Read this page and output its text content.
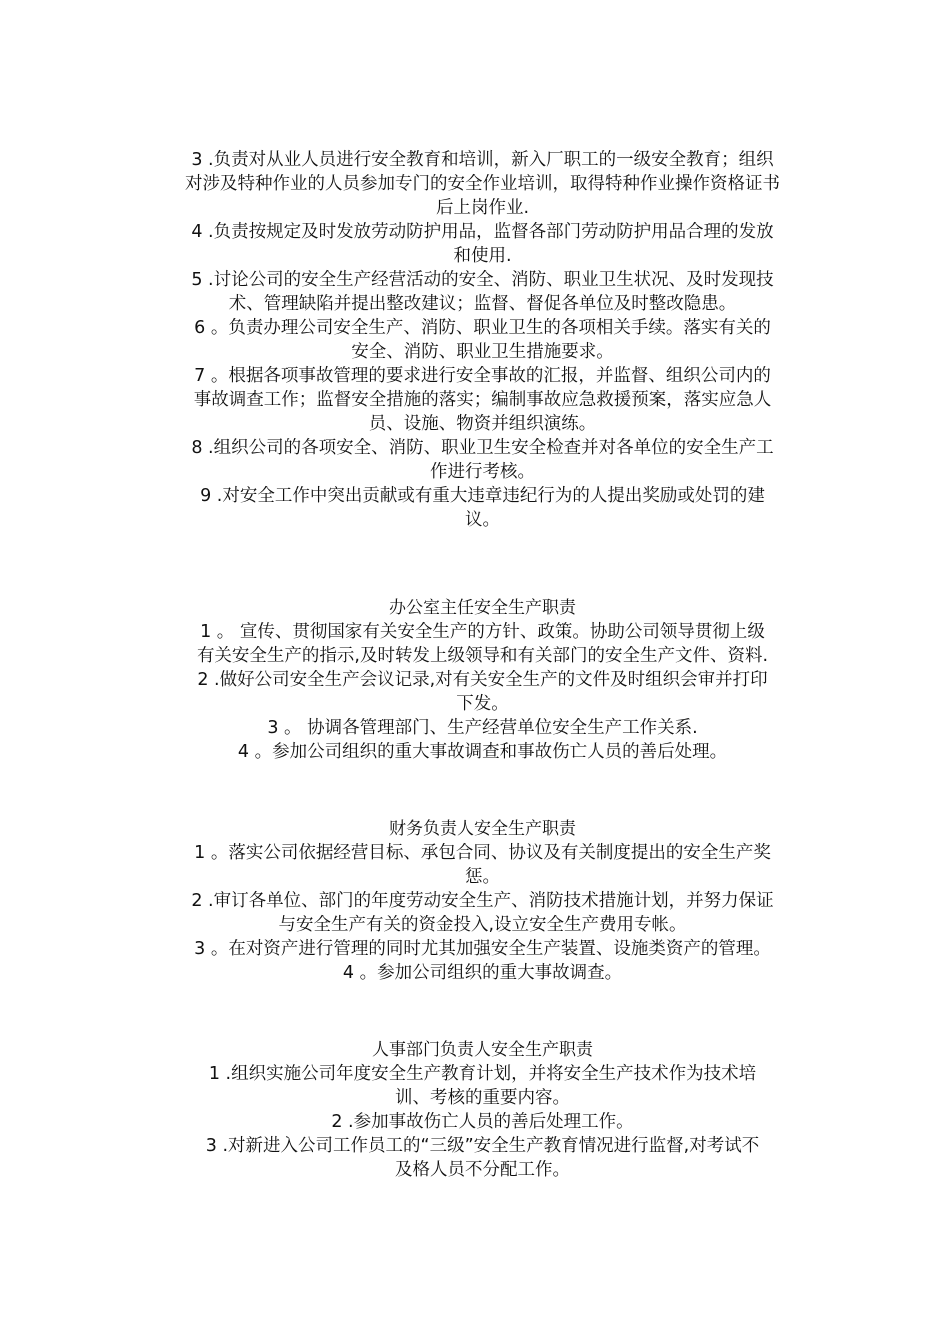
3 .负责对从业人员进行安全教育和培训，新入厂职工的一级安全教育；组织
对涉及特种作业的人员参加专门的安全作业培训，取得特种作业操作资格证书
后上岗作业.

4 .负责按规定及时发放劳动防护用品，监督各部门劳动防护用品合理的发放
和使用.

5 .讨论公司的安全生产经营活动的安全、消防、职业卫生状况、及时发现技
术、管理缺陷并提出整改建议；监督、督促各单位及时整改隐患。

6 。负责办理公司安全生产、消防、职业卫生的各项相关手续。落实有关的
安全、消防、职业卫生措施要求。

7 。根据各项事故管理的要求进行安全事故的汇报，并监督、组织公司内的
事故调查工作；监督安全措施的落实；编制事故应急救援预案，落实应急人
员、设施、物资并组织演练。

8 .组织公司的各项安全、消防、职业卫生安全检查并对各单位的安全生产工
作进行考核。

9 .对安全工作中突出贡献或有重大违章违纪行为的人提出奖励或处罚的建
议。

办公室主任安全生产职责

1 。 宣传、贯彻国家有关安全生产的方针、政策。协助公司领导贯彻上级
有关安全生产的指示,及时转发上级领导和有关部门的安全生产文件、资料.

2 .做好公司安全生产会议记录,对有关安全生产的文件及时组织会审并打印
下发。

3 。 协调各管理部门、生产经营单位安全生产工作关系.

4 。参加公司组织的重大事故调查和事故伤亡人员的善后处理。

财务负责人安全生产职责

1 。落实公司依据经营目标、承包合同、协议及有关制度提出的安全生产奖
惩。

2 .审订各单位、部门的年度劳动安全生产、消防技术措施计划，并努力保证
与安全生产有关的资金投入,设立安全生产费用专帐。

3 。在对资产进行管理的同时尤其加强安全生产装置、设施类资产的管理。

4 。参加公司组织的重大事故调查。

人事部门负责人安全生产职责

1 .组织实施公司年度安全生产教育计划，并将安全生产技术作为技术培
训、考核的重要内容。

2 .参加事故伤亡人员的善后处理工作。

3 .对新进入公司工作员工的“三级”安全生产教育情况进行监督,对考试不
及格人员不分配工作。
